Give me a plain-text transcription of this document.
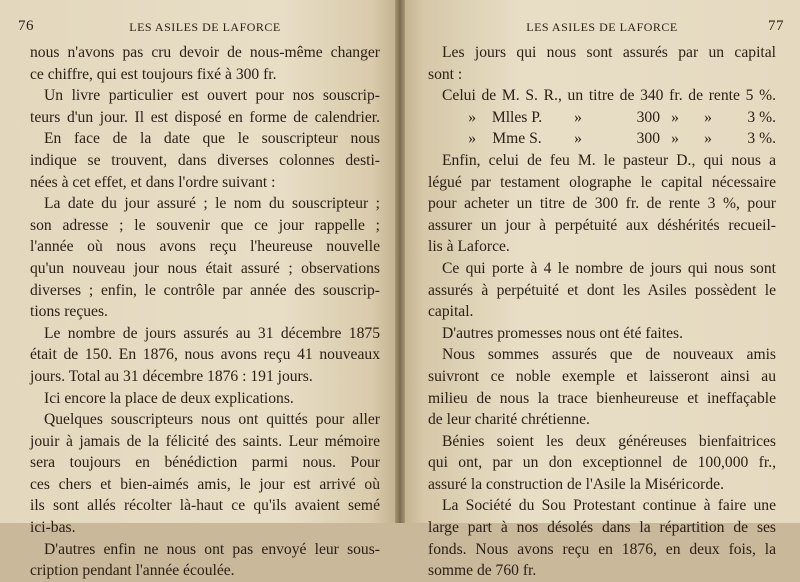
76	LES ASILES DE LAFORCE
nous n'avons pas cru devoir de nous-même changer
ce chiffre, qui est toujours fixé à 300 fr.
Un livre particulier est ouvert pour nos souscrip-
teurs d'un jour. Il est disposé en forme de calendrier.
En face de la date que le souscripteur nous
indique se trouvent, dans diverses colonnes desti-
nées à cet effet, et dans l'ordre suivant :
La date du jour assuré ; le nom du souscripteur ;
son adresse ; le souvenir que ce jour rappelle ;
l'année où nous avons reçu l'heureuse nouvelle
qu'un nouveau jour nous était assuré ; observations
diverses ; enfin, le contrôle par année des souscrip-
tions reçues.
Le nombre de jours assurés au 31 décembre 1875
était de 150. En 1876, nous avons reçu 41 nouveaux
jours. Total au 31 décembre 1876 : 191 jours.
Ici encore la place de deux explications.
Quelques souscripteurs nous ont quittés pour aller
jouir à jamais de la félicité des saints. Leur mémoire
sera toujours en bénédiction parmi nous. Pour
ces chers et bien-aimés amis, le jour est arrivé où
ils sont allés récolter là-haut ce qu'ils avaient semé
ici-bas.
D'autres enfin ne nous ont pas envoyé leur sous-
cription pendant l'année écoulée.
LES ASILES DE LAFORCE	77
Les jours qui nous sont assurés par un capital
sont :
Celui de M. S. R., un titre de 340 fr. de rente 5 %.
»	Mlles P.	»	300 »	»	3 %.
»	Mme S.	»	300 »	»	3 %.
Enfin, celui de feu M. le pasteur D., qui nous a
légué par testament olographe le capital nécessaire
pour acheter un titre de 300 fr. de rente 3 %, pour
assurer un jour à perpétuité aux déshérités recueil-
lis à Laforce.
Ce qui porte à 4 le nombre de jours qui nous sont
assurés à perpétuité et dont les Asiles possèdent le
capital.
D'autres promesses nous ont été faites.
Nous sommes assurés que de nouveaux amis
suivront ce noble exemple et laisseront ainsi au
milieu de nous la trace bienheureuse et ineffaçable
de leur charité chrétienne.
Bénies soient les deux généreuses bienfaitrices
qui ont, par un don exceptionnel de 100,000 fr.,
assuré la construction de l'Asile la Miséricorde.
La Société du Sou Protestant continue à faire une
large part à nos désolés dans la répartition de ses
fonds. Nous avons reçu en 1876, en deux fois, la
somme de 760 fr.
